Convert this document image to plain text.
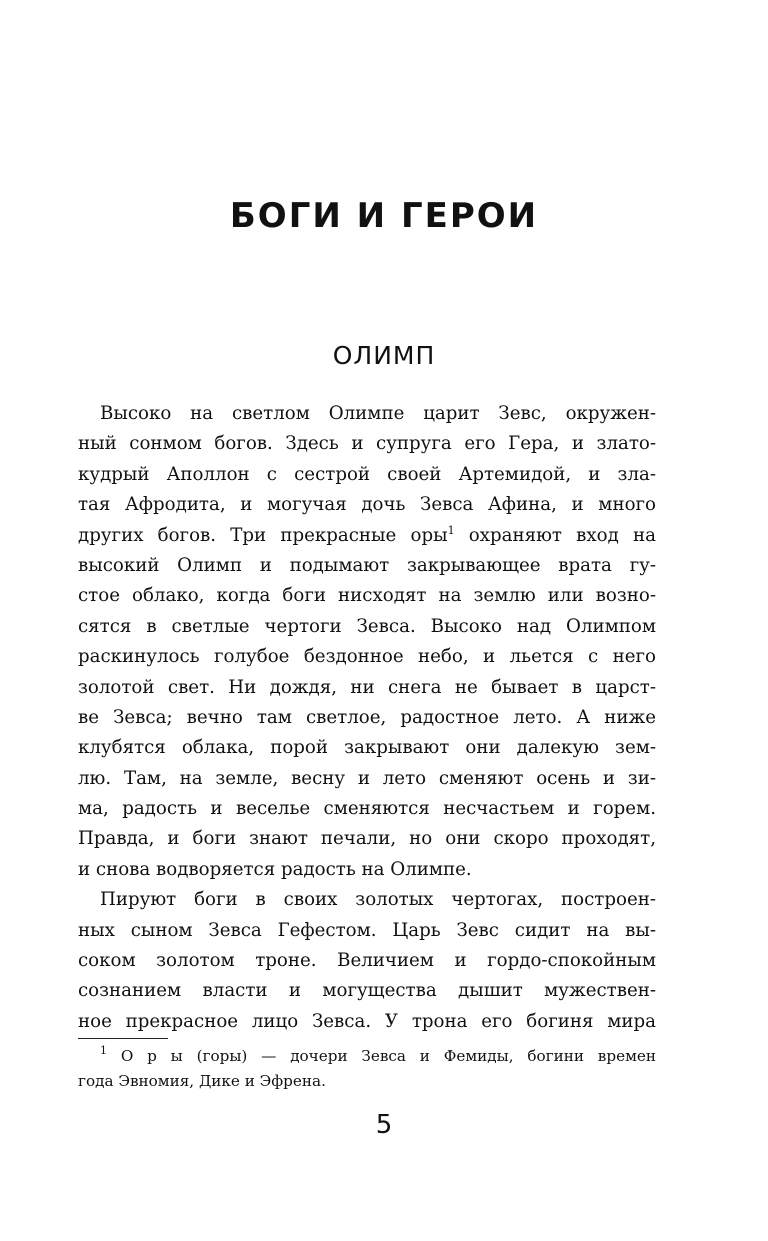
БОГИ И ГЕРОИ
ОЛИМП
Высоко на светлом Олимпе царит Зевс, окружен-
ный сонмом богов. Здесь и супруга его Гера, и злато-
кудрый Аполлон с сестрой своей Артемидой, и зла-
тая Афродита, и могучая дочь Зевса Афина, и много
других богов. Три прекрасные оры$^1$ охраняют вход на
высокий Олимп и подымают закрывающее врата гу-
стое облако, когда боги нисходят на землю или возно-
сятся в светлые чертоги Зевса. Высоко над Олимпом
раскинулось голубое бездонное небо, и льется с него
золотой свет. Ни дождя, ни снега не бывает в царст-
ве Зевса; вечно там светлое, радостное лето. А ниже
клубятся облака, порой закрывают они далекую зем-
лю. Там, на земле, весну и лето сменяют осень и зи-
ма, радость и веселье сменяются несчастьем и горем.
Правда, и боги знают печали, но они скоро проходят,
и снова водворяется радость на Олимпе.
Пируют боги в своих золотых чертогах, построен-
ных сыном Зевса Гефестом. Царь Зевс сидит на вы-
соком золотом троне. Величием и гордо-спокойным
сознанием власти и могущества дышит мужествен-
ное прекрасное лицо Зевса. У трона его богиня мира
$^1$ О р ы (горы) — дочери Зевса и Фемиды, богини времен
года Эвномия, Дике и Эфрена.
5
